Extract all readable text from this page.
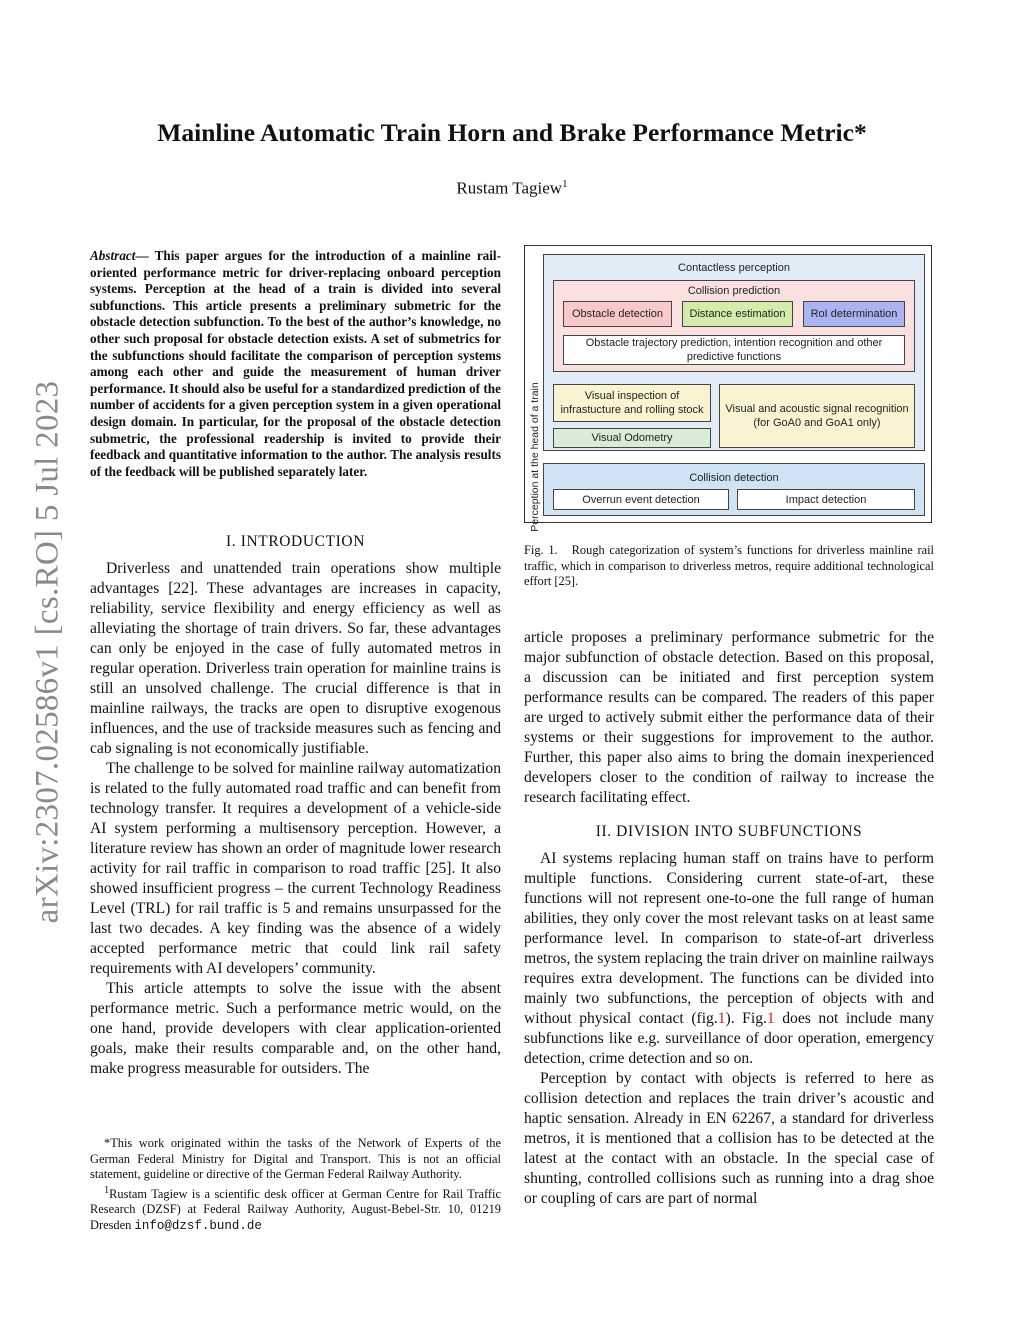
Mainline Automatic Train Horn and Brake Performance Metric*
Rustam Tagiew$^1$
arXiv:2307.02586v1 [cs.RO] 5 Jul 2023
Abstract— This paper argues for the introduction of a mainline rail-oriented performance metric for driver-replacing onboard perception systems. Perception at the head of a train is divided into several subfunctions. This article presents a preliminary submetric for the obstacle detection subfunction. To the best of the author’s knowledge, no other such proposal for obstacle detection exists. A set of submetrics for the subfunctions should facilitate the comparison of perception systems among each other and guide the measurement of human driver performance. It should also be useful for a standardized prediction of the number of accidents for a given perception system in a given operational design domain. In particular, for the proposal of the obstacle detection submetric, the professional readership is invited to provide their feedback and quantitative information to the author. The analysis results of the feedback will be published separately later.
I. INTRODUCTION

Driverless and unattended train operations show multiple advantages [22]. These advantages are increases in capacity, reliability, service flexibility and energy efficiency as well as alleviating the shortage of train drivers. So far, these advantages can only be enjoyed in the case of fully automated metros in regular operation. Driverless train operation for mainline trains is still an unsolved challenge. The crucial difference is that in mainline railways, the tracks are open to disruptive exogenous influences, and the use of trackside measures such as fencing and cab signaling is not economically justifiable.

The challenge to be solved for mainline railway automatization is related to the fully automated road traffic and can benefit from technology transfer. It requires a development of a vehicle-side AI system performing a multisensory perception. However, a literature review has shown an order of magnitude lower research activity for rail traffic in comparison to road traffic [25]. It also showed insufficient progress – the current Technology Readiness Level (TRL) for rail traffic is 5 and remains unsurpassed for the last two decades. A key finding was the absence of a widely accepted performance metric that could link rail safety requirements with AI developers’ community.

This article attempts to solve the issue with the absent performance metric. Such a performance metric would, on the one hand, provide developers with clear application-oriented goals, make their results comparable and, on the other hand, make progress measurable for outsiders. The

*This work originated within the tasks of the Network of Experts of the German Federal Ministry for Digital and Transport. This is not an official statement, guideline or directive of the German Federal Railway Authority.

$^1$Rustam Tagiew is a scientific desk officer at German Centre for Rail Traffic Research (DZSF) at Federal Railway Authority, August-Bebel-Str. 10, 01219 Dresden info@dzsf.bund.de

Perception at the head of a train
Contactless perception
Collision prediction
Obstacle detection Distance estimation RoI determination
Obstacle trajectory prediction, intention recognition and other predictive functions
Visual inspection of infrastucture and rolling stock
Visual Odometry
Visual and acoustic signal recognition (for GoA0 and GoA1 only)
Collision detection
Overrun event detection	Impact detection
Fig. 1. Rough categorization of system’s functions for driverless mainline rail traffic, which in comparison to driverless metros, require additional technological effort [25].

article proposes a preliminary performance submetric for the major subfunction of obstacle detection. Based on this proposal, a discussion can be initiated and first perception system performance results can be compared. The readers of this paper are urged to actively submit either the performance data of their systems or their suggestions for improvement to the author. Further, this paper also aims to bring the domain inexperienced developers closer to the condition of railway to increase the research facilitating effect.

II. DIVISION INTO SUBFUNCTIONS

AI systems replacing human staff on trains have to perform multiple functions. Considering current state-of-art, these functions will not represent one-to-one the full range of human abilities, they only cover the most relevant tasks on at least same performance level. In comparison to state-of-art driverless metros, the system replacing the train driver on mainline railways requires extra development. The functions can be divided into mainly two subfunctions, the perception of objects with and without physical contact (fig.1). Fig.1 does not include many subfunctions like e.g. surveillance of door operation, emergency detection, crime detection and so on.

Perception by contact with objects is referred to here as collision detection and replaces the train driver’s acoustic and haptic sensation. Already in EN 62267, a standard for driverless metros, it is mentioned that a collision has to be detected at the latest at the contact with an obstacle. In the special case of shunting, controlled collisions such as running into a drag shoe or coupling of cars are part of normal
